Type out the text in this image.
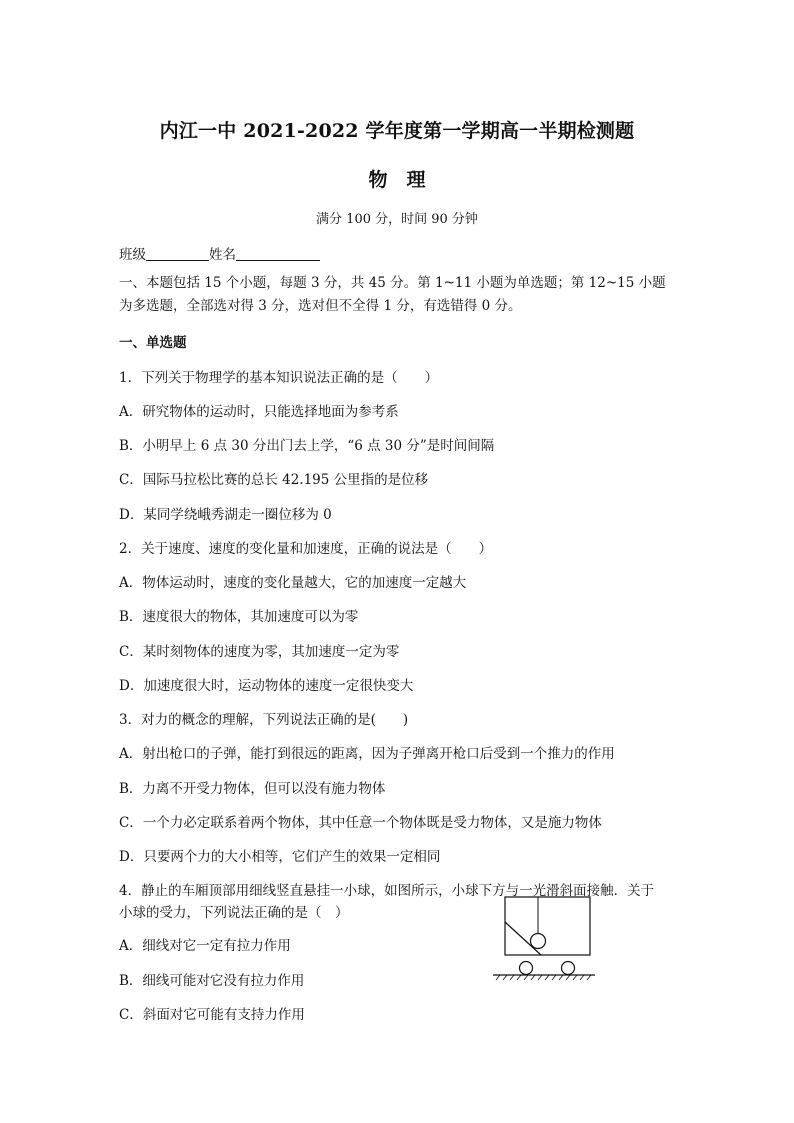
内江一中 2021-2022 学年度第一学期高一半期检测题
物　理
满分 100 分，时间 90 分钟
班级	姓名
一、本题包括 15 个小题，每题 3 分，共 45 分。第 1~11 小题为单选题；第 12~15 小题为多选题，全部选对得 3 分，选对但不全得 1 分，有选错得 0 分。
一、单选题
1．下列关于物理学的基本知识说法正确的是（　　）
A．研究物体的运动时，只能选择地面为参考系
B．小明早上 6 点 30 分出门去上学，“6 点 30 分”是时间间隔
C．国际马拉松比赛的总长 42.195 公里指的是位移
D．某同学绕峨秀湖走一圈位移为 0
2．关于速度、速度的变化量和加速度，正确的说法是（　　）
A．物体运动时，速度的变化量越大，它的加速度一定越大
B．速度很大的物体，其加速度可以为零
C．某时刻物体的速度为零，其加速度一定为零
D．加速度很大时，运动物体的速度一定很快变大
3．对力的概念的理解，下列说法正确的是(　　)
A．射出枪口的子弹，能打到很远的距离，因为子弹离开枪口后受到一个推力的作用
B．力离不开受力物体，但可以没有施力物体
C．一个力必定联系着两个物体，其中任意一个物体既是受力物体，又是施力物体
D．只要两个力的大小相等，它们产生的效果一定相同
4．静止的车厢顶部用细线竖直悬挂一小球，如图所示，小球下方与一光滑斜面接触．关于
小球的受力，下列说法正确的是（　）
A．细线对它一定有拉力作用
B．细线可能对它没有拉力作用
C．斜面对它可能有支持力作用
